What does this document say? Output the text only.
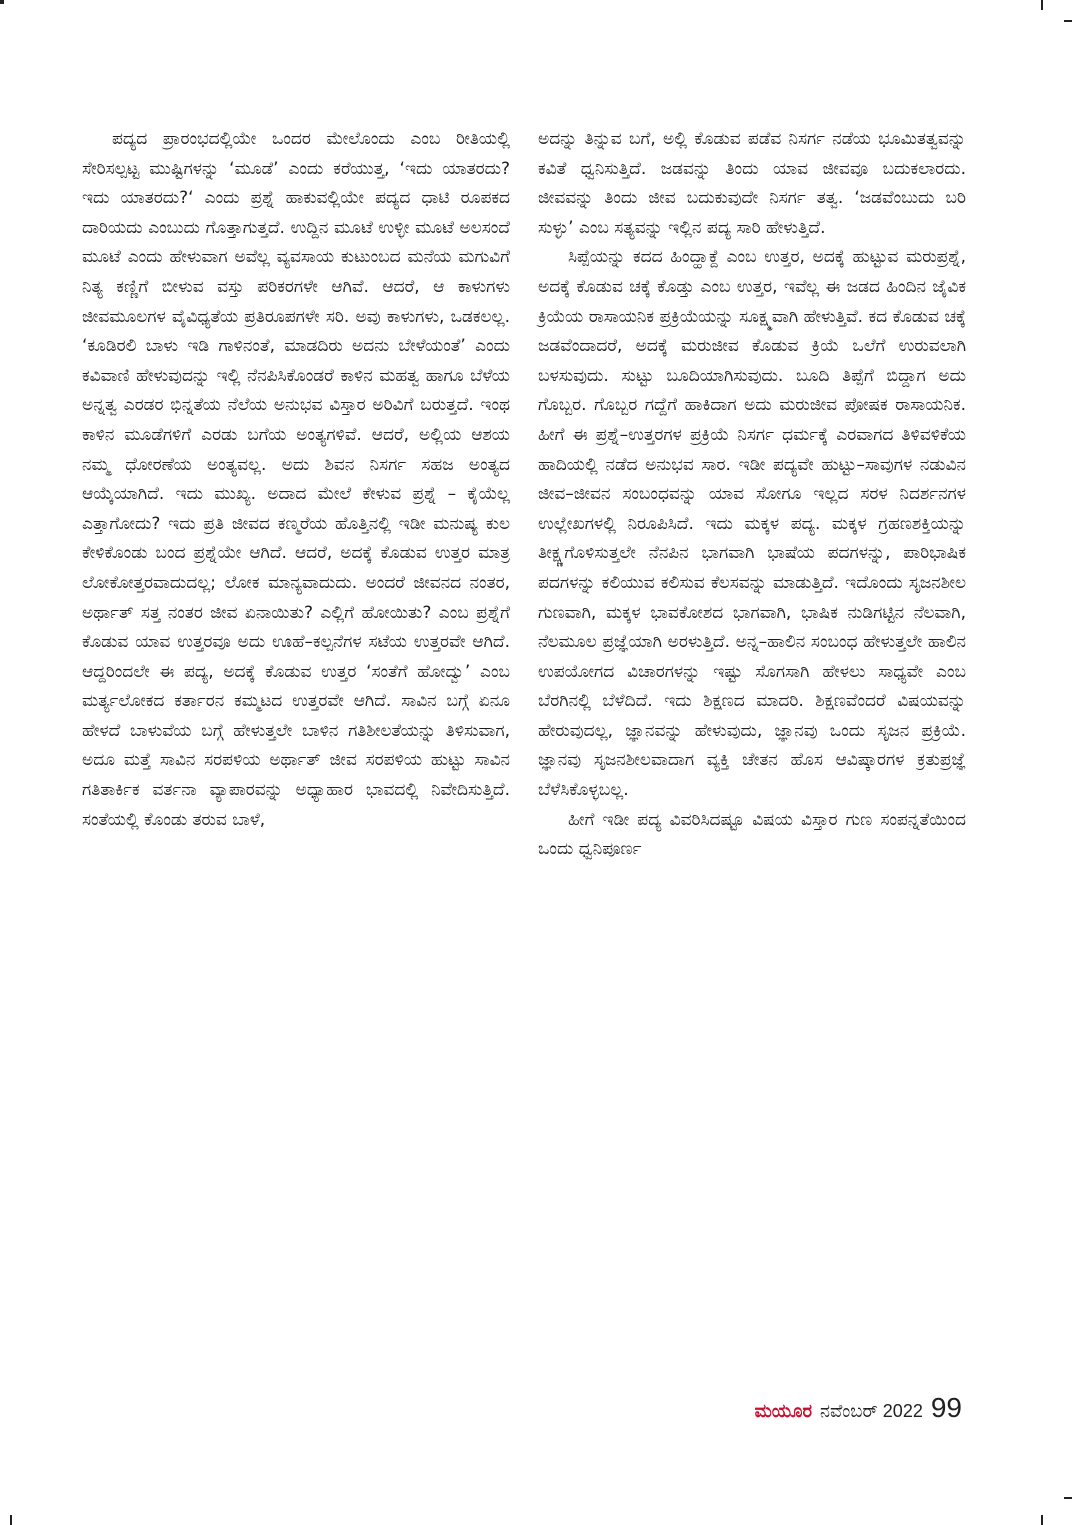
ಪದ್ಯದ ಪ್ರಾರಂಭದಲ್ಲಿಯೇ ಒಂದರ ಮೇಲೊಂದು ಎಂಬ ರೀತಿಯಲ್ಲಿ ಸೇರಿಸಲ್ಪಟ್ಟ ಮುಷ್ಟಿಗಳನ್ನು ‘ಮೂಡೆ’ ಎಂದು ಕರೆಯುತ್ತ, ‘ಇದು ಯಾತರದು? ಇದು ಯಾತರದು?‘ ಎಂದು ಪ್ರಶ್ನೆ ಹಾಕುವಲ್ಲಿಯೇ ಪದ್ಯದ ಧಾಟಿ ರೂಪಕದ ದಾರಿಯದು ಎಂಬುದು ಗೊತ್ತಾಗುತ್ತದೆ. ಉದ್ದಿನ ಮೂಟೆ ಉಳ್ಳೀ ಮೂಟೆ ಅಲಸಂದೆ ಮೂಟೆ ಎಂದು ಹೇಳುವಾಗ ಅವೆಲ್ಲ ವ್ಯವಸಾಯ ಕುಟುಂಬದ ಮನೆಯ ಮಗುವಿಗೆ ನಿತ್ಯ ಕಣ್ಣಿಗೆ ಬೀಳುವ ವಸ್ತು ಪರಿಕರಗಳೇ ಆಗಿವೆ. ಆದರೆ, ಆ ಕಾಳುಗಳು ಜೀವಮೂಲಗಳ ವೈವಿಧ್ಯತೆಯ ಪ್ರತಿರೂಪಗಳೇ ಸರಿ. ಅವು ಕಾಳುಗಳು, ಒಡಕಲಲ್ಲ. ‘ಕೂಡಿರಲಿ ಬಾಳು ಇಡಿ ಗಾಳಿನಂತೆ, ಮಾಡದಿರು ಅದನು ಬೇಳೆಯಂತೆ’ ಎಂದು ಕವಿವಾಣಿ ಹೇಳುವುದನ್ನು ಇಲ್ಲಿ ನೆನಪಿಸಿಕೊಂಡರೆ ಕಾಳಿನ ಮಹತ್ವ ಹಾಗೂ ಬೆಳೆಯ ಅನ್ನತ್ವ ಎರಡರ ಭಿನ್ನತೆಯ ನೆಲೆಯ ಅನುಭವ ವಿಸ್ತಾರ ಅರಿವಿಗೆ ಬರುತ್ತದೆ. ಇಂಥ ಕಾಳಿನ ಮೂಡೆಗಳಿಗೆ ಎರಡು ಬಗೆಯ ಅಂತ್ಯಗಳಿವೆ. ಆದರೆ, ಅಲ್ಲಿಯ ಆಶಯ ನಮ್ಮ ಧೋರಣೆಯ ಅಂತ್ಯವಲ್ಲ. ಅದು ಶಿವನ ನಿಸರ್ಗ ಸಹಜ ಅಂತ್ಯದ ಆಯ್ಕೆಯಾಗಿದೆ. ಇದು ಮುಖ್ಯ. ಅದಾದ ಮೇಲೆ ಕೇಳುವ ಪ್ರಶ್ನೆ – ಕೈಯೆಲ್ಲ ಎತ್ತಾಗೋದು? ಇದು ಪ್ರತಿ ಜೀವದ ಕಣ್ಮರೆಯ ಹೊತ್ತಿನಲ್ಲಿ ಇಡೀ ಮನುಷ್ಯ ಕುಲ ಕೇಳಿಕೊಂಡು ಬಂದ ಪ್ರಶ್ನೆಯೇ ಆಗಿದೆ. ಆದರೆ, ಅದಕ್ಕೆ ಕೊಡುವ ಉತ್ತರ ಮಾತ್ರ ಲೋಕೋತ್ತರವಾದುದಲ್ಲ; ಲೋಕ ಮಾನ್ಯವಾದುದು. ಅಂದರೆ ಜೀವನದ ನಂತರ, ಅರ್ಥಾತ್ ಸತ್ತ ನಂತರ ಜೀವ ಏನಾಯಿತು? ಎಲ್ಲಿಗೆ ಹೋಯಿತು? ಎಂಬ ಪ್ರಶ್ನೆಗೆ ಕೊಡುವ ಯಾವ ಉತ್ತರವೂ ಅದು ಊಹೆ–ಕಲ್ಪನೆಗಳ ಸಟೆಯ ಉತ್ತರವೇ ಆಗಿದೆ. ಆದ್ದರಿಂದಲೇ ಈ ಪದ್ಯ, ಅದಕ್ಕೆ ಕೊಡುವ ಉತ್ತರ ‘ಸಂತೆಗೆ ಹೋದ್ವು’ ಎಂಬ ಮರ್ತ್ಯಲೋಕದ ಕರ್ತಾರನ ಕಮ್ಮಟದ ಉತ್ತರವೇ ಆಗಿದೆ. ಸಾವಿನ ಬಗ್ಗೆ ಏನೂ ಹೇಳದೆ ಬಾಳುವೆಯ ಬಗ್ಗೆ ಹೇಳುತ್ತಲೇ ಬಾಳಿನ ಗತಿಶೀಲತೆಯನ್ನು ತಿಳಿಸುವಾಗ, ಅದೂ ಮತ್ತೆ ಸಾವಿನ ಸರಪಳಿಯ ಅರ್ಥಾತ್ ಜೀವ ಸರಪಳಿಯ ಹುಟ್ಟು ಸಾವಿನ ಗತಿತಾರ್ಕಿಕ ವರ್ತನಾ ವ್ಯಾಪಾರವನ್ನು ಅಧ್ಯಾಹಾರ ಭಾವದಲ್ಲಿ ನಿವೇದಿಸುತ್ತಿದೆ. ಸಂತೆಯಲ್ಲಿ ಕೊಂಡು ತರುವ ಬಾಳೆ,

ಅದನ್ನು ತಿನ್ನುವ ಬಗೆ, ಅಲ್ಲಿ ಕೊಡುವ ಪಡೆವ ನಿಸರ್ಗ ನಡೆಯ ಭೂಮಿತತ್ವವನ್ನು ಕವಿತೆ ಧ್ವನಿಸುತ್ತಿದೆ. ಜಡವನ್ನು ತಿಂದು ಯಾವ ಜೀವವೂ ಬದುಕಲಾರದು. ಜೀವವನ್ನು ತಿಂದು ಜೀವ ಬದುಕುವುದೇ ನಿಸರ್ಗ ತತ್ವ. ‘ಜಡವೆಂಬುದು ಬರಿ ಸುಳ್ಳು’ ಎಂಬ ಸತ್ಯವನ್ನು ಇಲ್ಲಿನ ಪದ್ಯ ಸಾರಿ ಹೇಳುತ್ತಿದೆ.

ಸಿಪ್ಪೆಯನ್ನು ಕದದ ಹಿಂದ್ಹಾಕ್ದೆ ಎಂಬ ಉತ್ತರ, ಅದಕ್ಕೆ ಹುಟ್ಟುವ ಮರುಪ್ರಶ್ನೆ, ಅದಕ್ಕೆ ಕೊಡುವ ಚಕ್ಕೆ ಕೊಡ್ತು ಎಂಬ ಉತ್ತರ, ಇವೆಲ್ಲ ಈ ಜಡದ ಹಿಂದಿನ ಜೈವಿಕ ಕ್ರಿಯೆಯ ರಾಸಾಯನಿಕ ಪ್ರಕ್ರಿಯೆಯನ್ನು ಸೂಕ್ಷ್ಮವಾಗಿ ಹೇಳುತ್ತಿವೆ. ಕದ ಕೊಡುವ ಚಕ್ಕೆ ಜಡವೆಂದಾದರೆ, ಅದಕ್ಕೆ ಮರುಜೀವ ಕೊಡುವ ಕ್ರಿಯೆ ಒಲೆಗೆ ಉರುವಲಾಗಿ ಬಳಸುವುದು. ಸುಟ್ಟು ಬೂದಿಯಾಗಿಸುವುದು. ಬೂದಿ ತಿಪ್ಪೆಗೆ ಬಿದ್ದಾಗ ಅದು ಗೊಬ್ಬರ. ಗೊಬ್ಬರ ಗದ್ದೆಗೆ ಹಾಕಿದಾಗ ಅದು ಮರುಜೀವ ಪೋಷಕ ರಾಸಾಯನಿಕ. ಹೀಗೆ ಈ ಪ್ರಶ್ನೆ–ಉತ್ತರಗಳ ಪ್ರಕ್ರಿಯೆ ನಿಸರ್ಗ ಧರ್ಮಕ್ಕೆ ಎರವಾಗದ ತಿಳಿವಳಿಕೆಯ ಹಾದಿಯಲ್ಲಿ ನಡೆದ ಅನುಭವ ಸಾರ. ಇಡೀ ಪದ್ಯವೇ ಹುಟ್ಟು–ಸಾವುಗಳ ನಡುವಿನ ಜೀವ–ಜೀವನ ಸಂಬಂಧವನ್ನು ಯಾವ ಸೋಗೂ ಇಲ್ಲದ ಸರಳ ನಿದರ್ಶನಗಳ ಉಲ್ಲೇಖಗಳಲ್ಲಿ ನಿರೂಪಿಸಿದೆ. ಇದು ಮಕ್ಕಳ ಪದ್ಯ. ಮಕ್ಕಳ ಗ್ರಹಣಶಕ್ತಿಯನ್ನು ತೀಕ್ಷ್ಣಗೊಳಿಸುತ್ತಲೇ ನೆನಪಿನ ಭಾಗವಾಗಿ ಭಾಷೆಯ ಪದಗಳನ್ನು, ಪಾರಿಭಾಷಿಕ ಪದಗಳನ್ನು ಕಲಿಯುವ ಕಲಿಸುವ ಕೆಲಸವನ್ನು ಮಾಡುತ್ತಿದೆ. ಇದೊಂದು ಸೃಜನಶೀಲ ಗುಣವಾಗಿ, ಮಕ್ಕಳ ಭಾವಕೋಶದ ಭಾಗವಾಗಿ, ಭಾಷಿಕ ನುಡಿಗಟ್ಟಿನ ನೆಲವಾಗಿ, ನೆಲಮೂಲ ಪ್ರಜ್ಞೆಯಾಗಿ ಅರಳುತ್ತಿದೆ. ಅನ್ನ–ಹಾಲಿನ ಸಂಬಂಧ ಹೇಳುತ್ತಲೇ ಹಾಲಿನ ಉಪಯೋಗದ ವಿಚಾರಗಳನ್ನು ಇಷ್ಟು ಸೊಗಸಾಗಿ ಹೇಳಲು ಸಾಧ್ಯವೇ ಎಂಬ ಬೆರಗಿನಲ್ಲಿ ಬೆಳೆದಿದೆ. ಇದು ಶಿಕ್ಷಣದ ಮಾದರಿ. ಶಿಕ್ಷಣವೆಂದರೆ ವಿಷಯವನ್ನು ಹೇರುವುದಲ್ಲ, ಜ್ಞಾನವನ್ನು ಹೇಳುವುದು, ಜ್ಞಾನವು ಒಂದು ಸೃಜನ ಪ್ರಕ್ರಿಯೆ. ಜ್ಞಾನವು ಸೃಜನಶೀಲವಾದಾಗ ವ್ಯಕ್ತಿ ಚೇತನ ಹೊಸ ಆವಿಷ್ಕಾರಗಳ ಕ್ರತುಪ್ರಜ್ಞೆ ಬೆಳೆಸಿಕೊಳ್ಳಬಲ್ಲ.

ಹೀಗೆ ಇಡೀ ಪದ್ಯ ವಿವರಿಸಿದಷ್ಟೂ ವಿಷಯ ವಿಸ್ತಾರ ಗುಣ ಸಂಪನ್ನತೆಯಿಂದ ಒಂದು ಧ್ವನಿಪೂರ್ಣ

ಮಯೂರ ನವೆಂಬರ್ 2022 99
